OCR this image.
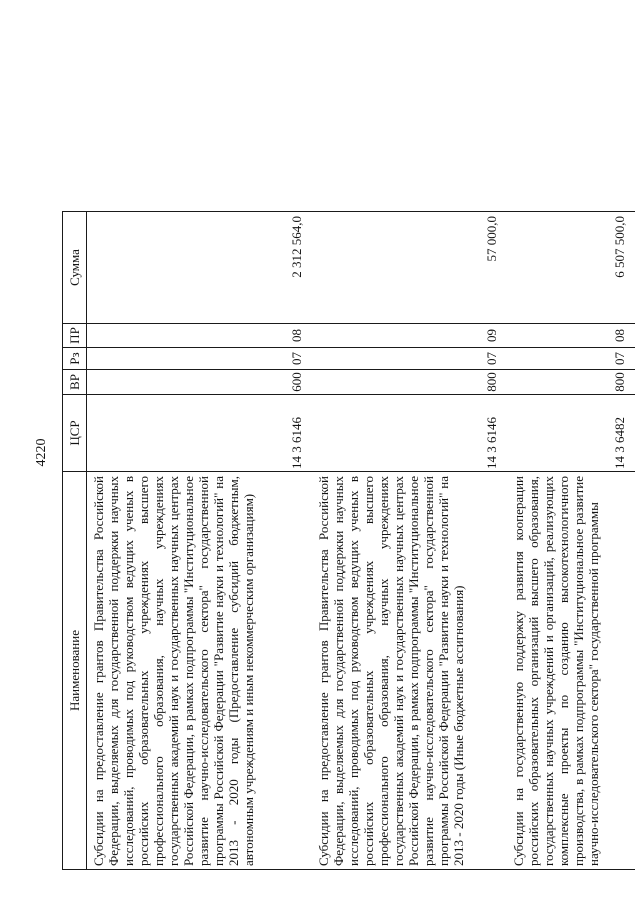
4220
Наименование	ЦСР	ВР	Рз	ПР	Сумма
Субсидии на предоставление грантов Правительства Российской Федерации, выделяемых для государственной поддержки научных исследований, проводимых под руководством ведущих ученых в российских образовательных учреждениях высшего профессионального образования, научных учреждениях государственных академий наук и государственных научных центрах Российской Федерации, в рамках подпрограммы "Институциональное развитие научно-исследовательского сектора" государственной программы Российской Федерации "Развитие науки и технологий" на 2013 - 2020 годы (Предоставление субсидий бюджетным, автономным учреждениям и иным некоммерческим организациям)	14 3 6146	600	07	08	2 312 564,0
Субсидии на предоставление грантов Правительства Российской Федерации, выделяемых для государственной поддержки научных исследований, проводимых под руководством ведущих ученых в российских образовательных учреждениях высшего профессионального образования, научных учреждениях государственных академий наук и государственных научных центрах Российской Федерации, в рамках подпрограммы "Институциональное развитие научно-исследовательского сектора" государственной программы Российской Федерации "Развитие науки и технологий" на 2013 - 2020 годы (Иные бюджетные ассигнования)	14 3 6146	800	07	09	57 000,0
Субсидии на государственную поддержку развития кооперации российских образовательных организаций высшего образования, государственных научных учреждений и организаций, реализующих комплексные проекты по созданию высокотехнологичного производства, в рамках подпрограммы "Институциональное развитие научно-исследовательского сектора" государственной программы	14 3 6482	800	07	08	6 507 500,0
